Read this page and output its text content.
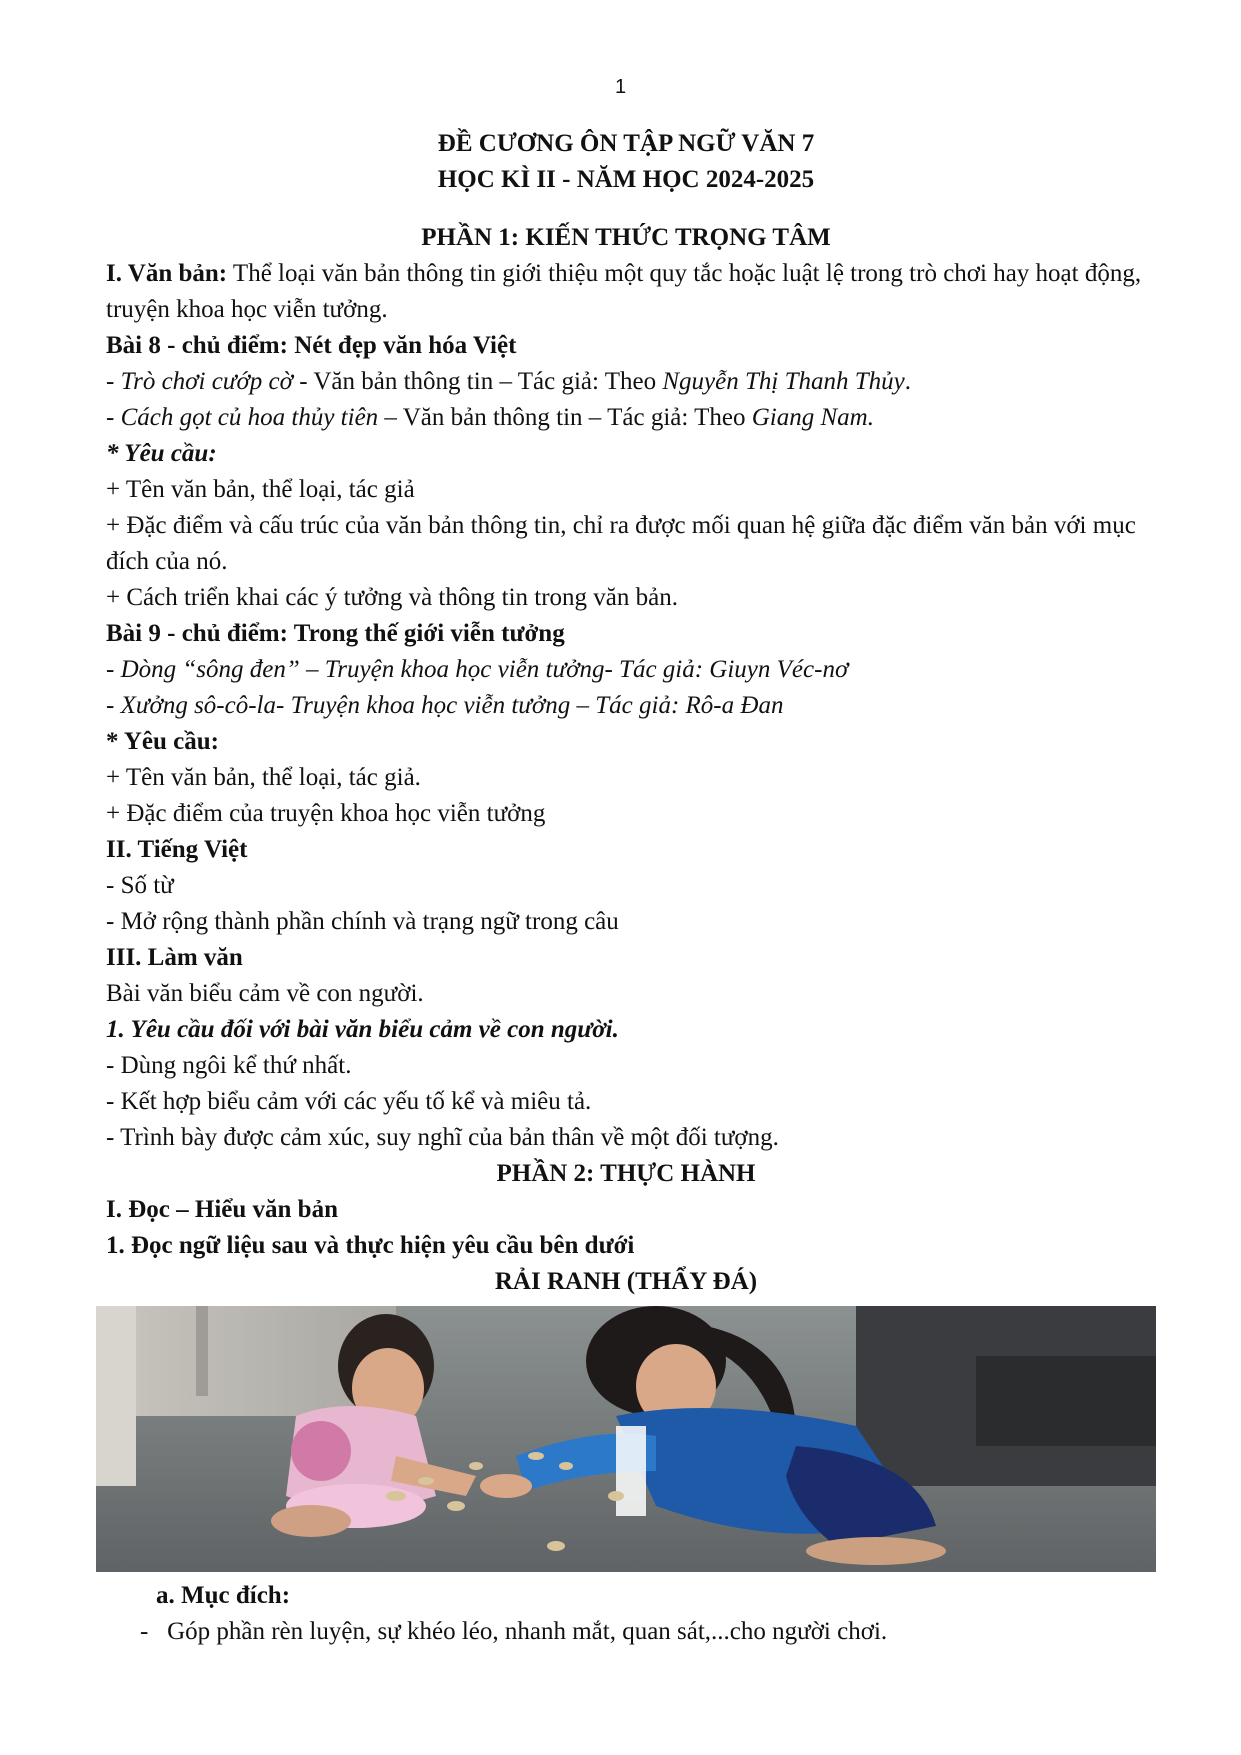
1
ĐỀ CƯƠNG ÔN TẬP NGỮ VĂN 7
HỌC KÌ II - NĂM HỌC 2024-2025
PHẦN 1: KIẾN THỨC TRỌNG TÂM
I. Văn bản: Thể loại văn bản thông tin giới thiệu một quy tắc hoặc luật lệ trong trò chơi hay hoạt động, truyện khoa học viễn tưởng.
Bài 8 - chủ điểm: Nét đẹp văn hóa Việt
- Trò chơi cướp cờ - Văn bản thông tin – Tác giả: Theo Nguyễn Thị Thanh Thủy.
- Cách gọt củ hoa thủy tiên – Văn bản thông tin – Tác giả: Theo Giang Nam.
* Yêu cầu:
+ Tên văn bản, thể loại, tác giả
+ Đặc điểm và cấu trúc của văn bản thông tin, chỉ ra được mối quan hệ giữa đặc điểm văn bản với mục đích của nó.
+ Cách triển khai các ý tưởng và thông tin trong văn bản.
Bài 9 - chủ điểm: Trong thế giới viễn tưởng
- Dòng “sông đen” – Truyện khoa học viễn tưởng- Tác giả: Giuyn Véc-nơ
- Xưởng sô-cô-la- Truyện khoa học viễn tưởng – Tác giả: Rô-a Đan
* Yêu cầu:
+ Tên văn bản, thể loại, tác giả.
+ Đặc điểm của truyện khoa học viễn tưởng
II. Tiếng Việt
- Số từ
- Mở rộng thành phần chính và trạng ngữ trong câu
III. Làm văn
Bài văn biểu cảm về con người.
1. Yêu cầu đối với bài văn biểu cảm về con người.
- Dùng ngôi kể thứ nhất.
- Kết hợp biểu cảm với các yếu tố kể và miêu tả.
- Trình bày được cảm xúc, suy nghĩ của bản thân về một đối tượng.
PHẦN 2: THỰC HÀNH
I. Đọc – Hiểu văn bản
1. Đọc ngữ liệu sau và thực hiện yêu cầu bên dưới
RẢI RANH (THẨY ĐÁ)
a. Mục đích:
- Góp phần rèn luyện, sự khéo léo, nhanh mắt, quan sát,...cho người chơi.
